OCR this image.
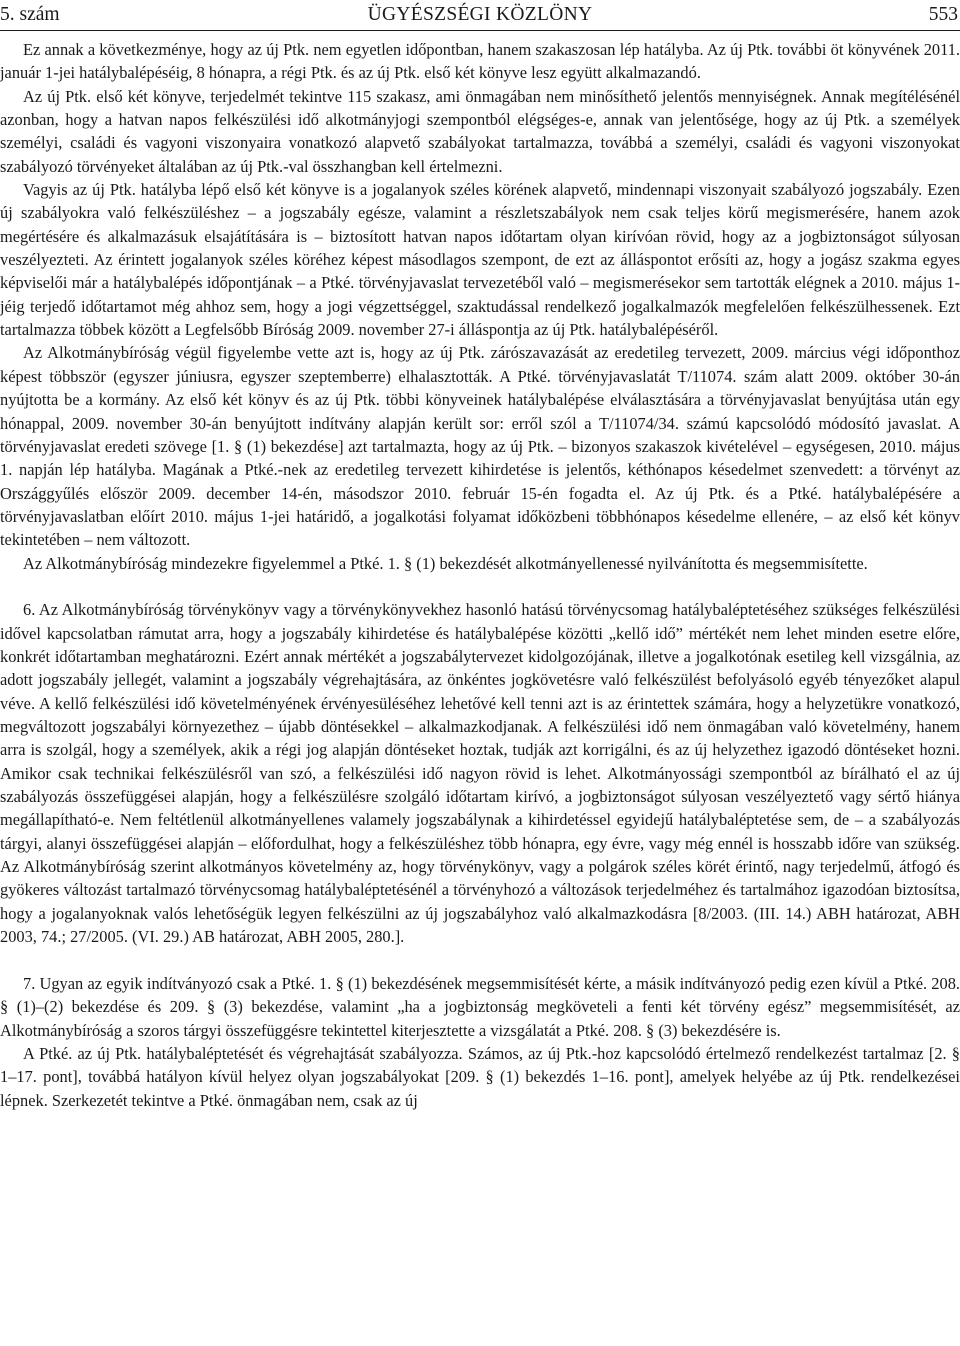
ÜGYÉSZSÉGI KÖZLÖNY
5. szám	553

Ez annak a következménye, hogy az új Ptk. nem egyetlen időpontban, hanem szakaszosan lép hatályba. Az új Ptk. további öt könyvének 2011. január 1-jei hatálybalépéséig, 8 hónapra, a régi Ptk. és az új Ptk. első két könyve lesz együtt alkalmazandó.

Az új Ptk. első két könyve, terjedelmét tekintve 115 szakasz, ami önmagában nem minősíthető jelentős mennyiségnek. Annak megítélésénél azonban, hogy a hatvan napos felkészülési idő alkotmányjogi szempontból elégséges-e, annak van jelentősége, hogy az új Ptk. a személyek személyi, családi és vagyoni viszonyaira vonatkozó alapvető szabályokat tartalmazza, továbbá a személyi, családi és vagyoni viszonyokat szabályozó törvényeket általában az új Ptk.-val összhangban kell értelmezni.

Vagyis az új Ptk. hatályba lépő első két könyve is a jogalanyok széles körének alapvető, mindennapi viszonyait szabályozó jogszabály. Ezen új szabályokra való felkészüléshez – a jogszabály egésze, valamint a részletszabályok nem csak teljes körű megismerésére, hanem azok megértésére és alkalmazásuk elsajátítására is – biztosított hatvan napos időtartam olyan kirívóan rövid, hogy az a jogbiztonságot súlyosan veszélyezteti. Az érintett jogalanyok széles köréhez képest másodlagos szempont, de ezt az álláspontot erősíti az, hogy a jogász szakma egyes képviselői már a hatálybalépés időpontjának – a Ptké. törvényjavaslat tervezetéből való – megismerésekor sem tartották elégnek a 2010. május 1-jéig terjedő időtartamot még ahhoz sem, hogy a jogi végzettséggel, szaktudással rendelkező jogalkalmazók megfelelően felkészülhessenek. Ezt tartalmazza többek között a Legfelsőbb Bíróság 2009. november 27-i álláspontja az új Ptk. hatálybalépéséről.

Az Alkotmánybíróság végül figyelembe vette azt is, hogy az új Ptk. zárószavazását az eredetileg tervezett, 2009. március végi időponthoz képest többször (egyszer júniusra, egyszer szeptemberre) elhalasztották. A Ptké. törvényjavaslatát T/11074. szám alatt 2009. október 30-án nyújtotta be a kormány. Az első két könyv és az új Ptk. többi könyveinek hatálybalépése elválasztására a törvényjavaslat benyújtása után egy hónappal, 2009. november 30-án benyújtott indítvány alapján került sor: erről szól a T/11074/34. számú kapcsolódó módosító javaslat. A törvényjavaslat eredeti szövege [1. § (1) bekezdése] azt tartalmazta, hogy az új Ptk. – bizonyos szakaszok kivételével – egységesen, 2010. május 1. napján lép hatályba. Magának a Ptké.-nek az eredetileg tervezett kihirdetése is jelentős, kéthónapos késedelmet szenvedett: a törvényt az Országgyűlés először 2009. december 14-én, másodszor 2010. február 15-én fogadta el. Az új Ptk. és a Ptké. hatálybalépésére a törvényjavaslatban előírt 2010. május 1-jei határidő, a jogalkotási folyamat időközbeni többhónapos késedelme ellenére, – az első két könyv tekintetében – nem változott.

Az Alkotmánybíróság mindezekre figyelemmel a Ptké. 1. § (1) bekezdését alkotmányellenessé nyilvánította és megsemmisítette.

6. Az Alkotmánybíróság törvénykönyv vagy a törvénykönyvekhez hasonló hatású törvénycsomag hatálybaléptetéséhez szükséges felkészülési idővel kapcsolatban rámutat arra, hogy a jogszabály kihirdetése és hatálybalépése közötti „kellő idő” mértékét nem lehet minden esetre előre, konkrét időtartamban meghatározni. Ezért annak mértékét a jogszabálytervezet kidolgozójának, illetve a jogalkotónak esetileg kell vizsgálnia, az adott jogszabály jellegét, valamint a jogszabály végrehajtására, az önkéntes jogkövetésre való felkészülést befolyásoló egyéb tényezőket alapul véve. A kellő felkészülési idő követelményének érvényesüléséhez lehetővé kell tenni azt is az érintettek számára, hogy a helyzetükre vonatkozó, megváltozott jogszabályi környezethez – újabb döntésekkel – alkalmazkodjanak. A felkészülési idő nem önmagában való követelmény, hanem arra is szolgál, hogy a személyek, akik a régi jog alapján döntéseket hoztak, tudják azt korrigálni, és az új helyzethez igazodó döntéseket hozni. Amikor csak technikai felkészülésről van szó, a felkészülési idő nagyon rövid is lehet. Alkotmányossági szempontból az bírálható el az új szabályozás összefüggései alapján, hogy a felkészülésre szolgáló időtartam kirívó, a jogbiztonságot súlyosan veszélyeztető vagy sértő hiánya megállapítható-e. Nem feltétlenül alkotmányellenes valamely jogszabálynak a kihirdetéssel egyidejű hatálybaléptetése sem, de – a szabályozás tárgyi, alanyi összefüggései alapján – előfordulhat, hogy a felkészüléshez több hónapra, egy évre, vagy még ennél is hosszabb időre van szükség. Az Alkotmánybíróság szerint alkotmányos követelmény az, hogy törvénykönyv, vagy a polgárok széles körét érintő, nagy terjedelmű, átfogó és gyökeres változást tartalmazó törvénycsomag hatálybaléptetésénél a törvényhozó a változások terjedelméhez és tartalmához igazodóan biztosítsa, hogy a jogalanyoknak valós lehetőségük legyen felkészülni az új jogszabályhoz való alkalmazkodásra [8/2003. (III. 14.) ABH határozat, ABH 2003, 74.; 27/2005. (VI. 29.) AB határozat, ABH 2005, 280.].

7. Ugyan az egyik indítványozó csak a Ptké. 1. § (1) bekezdésének megsemmisítését kérte, a másik indítványozó pedig ezen kívül a Ptké. 208. § (1)–(2) bekezdése és 209. § (3) bekezdése, valamint „ha a jogbiztonság megköveteli a fenti két törvény egész” megsemmisítését, az Alkotmánybíróság a szoros tárgyi összefüggésre tekintettel kiterjesztette a vizsgálatát a Ptké. 208. § (3) bekezdésére is.

A Ptké. az új Ptk. hatálybaléptetését és végrehajtását szabályozza. Számos, az új Ptk.-hoz kapcsolódó értelmező rendelkezést tartalmaz [2. § 1–17. pont], továbbá hatályon kívül helyez olyan jogszabályokat [209. § (1) bekezdés 1–16. pont], amelyek helyébe az új Ptk. rendelkezései lépnek. Szerkezetét tekintve a Ptké. önmagában nem, csak az új
